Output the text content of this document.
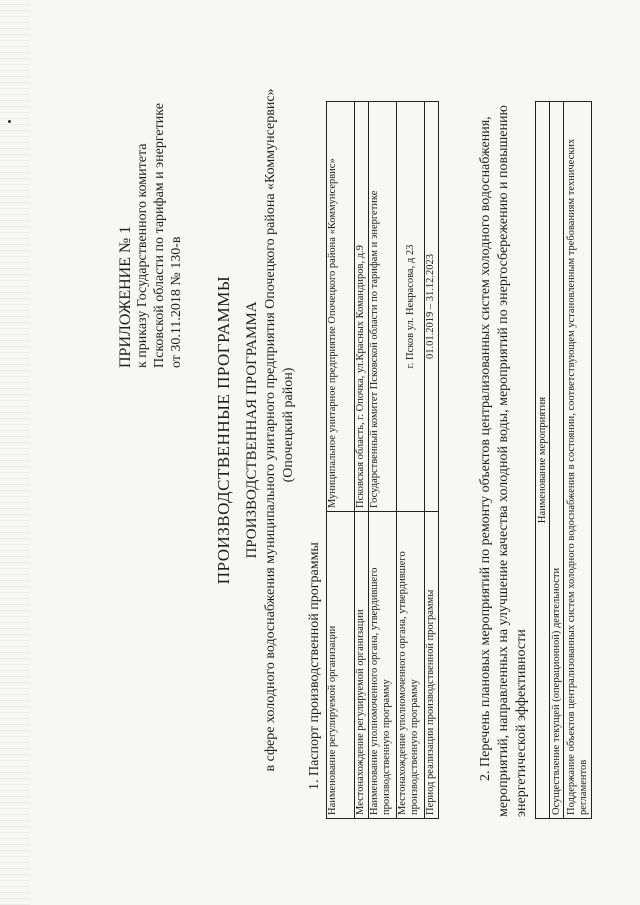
ПРИЛОЖЕНИЕ № 1 к приказу Государственного комитета Псковской области по тарифам и энергетике от 30.11.2018 № 130-в ПРОИЗВОДСТВЕННЫЕ ПРОГРАММЫ ПРОИЗВОДСТВЕННАЯ ПРОГРАММА в сфере холодного водоснабжения муниципального унитарного предприятия Опочецкого района «Коммунсервис» (Опочецкий район)
1. Паспорт производственной программы Наименование регулируемой организации	Муниципальное унитарное предприятие Опочецкого района «Коммунсервис»
Местонахождение регулируемой организации	Псковская область, г. Опочка, ул.Красных Командиров, д.9
Наименование уполномоченного органа, утвердившего производственную программу	Государственный комитет Псковской области по тарифам и энергетике
Местонахождение уполномоченного органа, утвердившего производственную программу	г. Псков ул. Некрасова, д 23
Период реализации производственной программы	01.01.2019 – 31.12.2023	2. Перечень плановых мероприятий по ремонту объектов централизованных систем холодного водоснабжения, мероприятий, направленных на улучшение качества холодной воды, мероприятий по энергосбережению и повышению энергетической эффективности
Наименование мероприятия
Осуществление текущей (операционной) деятельности
Поддержание объектов централизованных систем холодного водоснабжения в состоянии, соответствующем установленным требованиям технических регламентов
